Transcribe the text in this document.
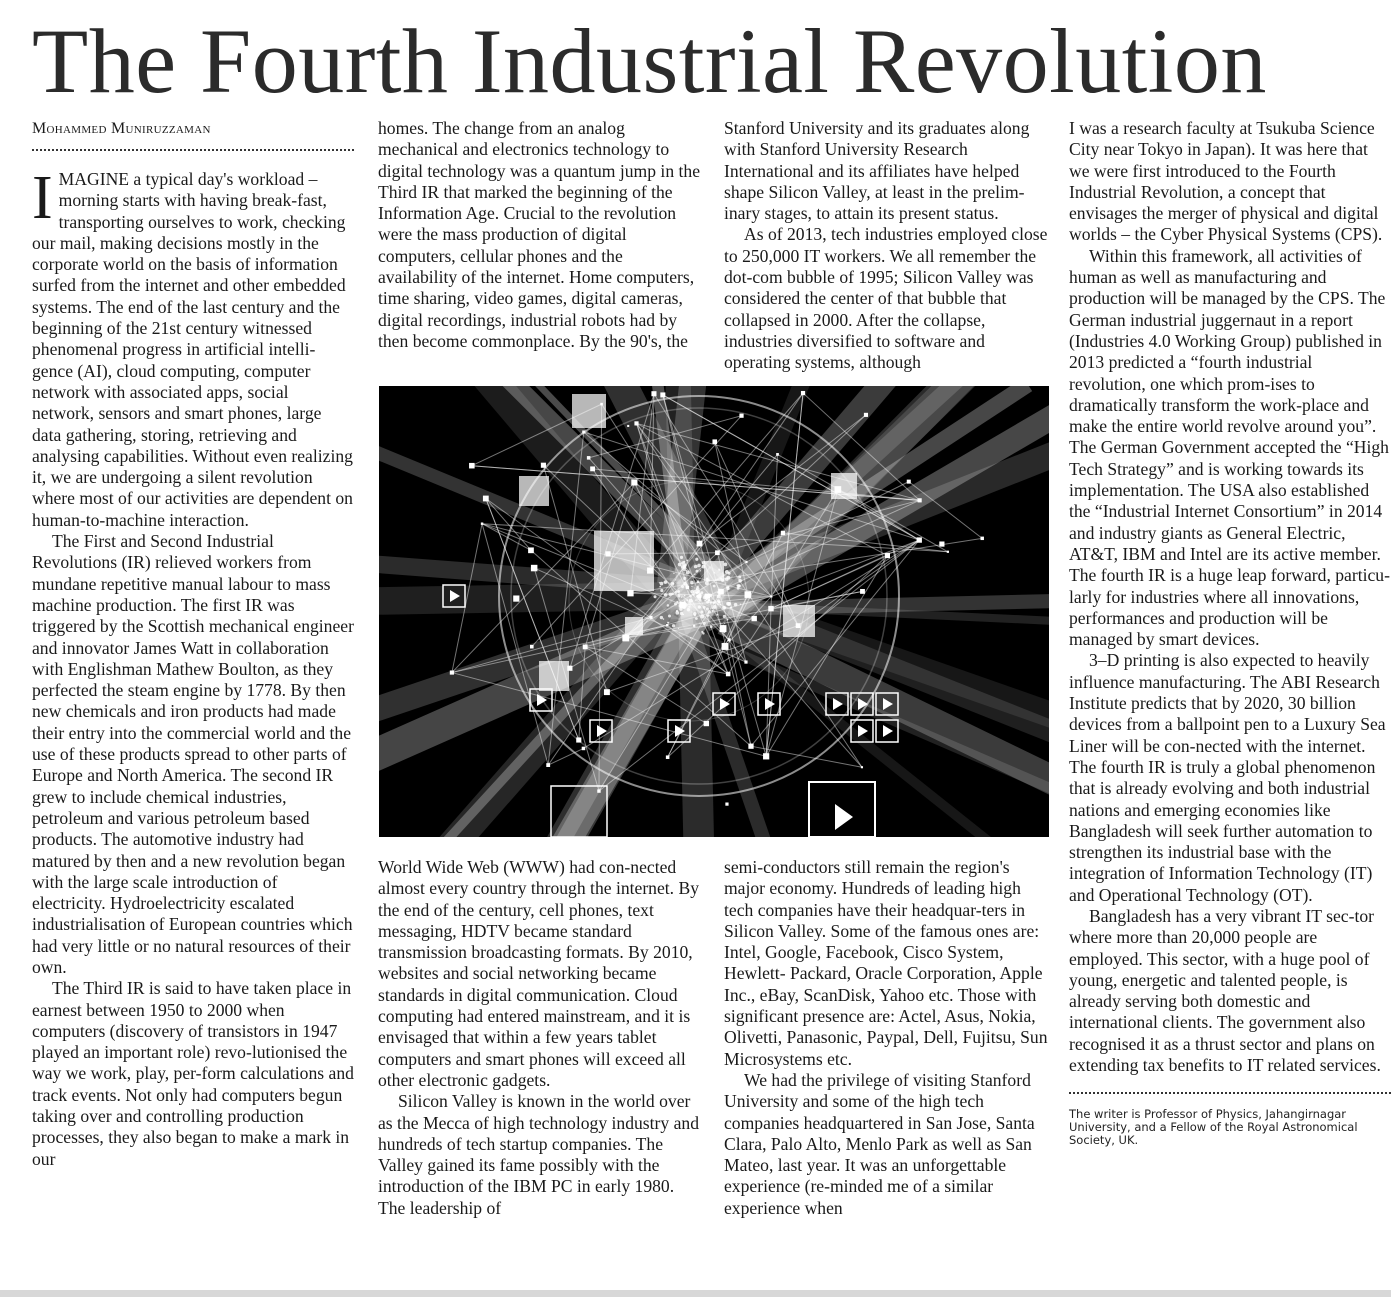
The Fourth Industrial Revolution
Mohammed Muniruzzaman

IMAGINE a typical day's workload – morning starts with having break-fast, transporting ourselves to work, checking our mail, making decisions mostly in the corporate world on the basis of information surfed from the internet and other embedded systems. The end of the last century and the beginning of the 21st century witnessed phenomenal progress in artificial intelli-gence (AI), cloud computing, computer network with associated apps, social network, sensors and smart phones, large data gathering, storing, retrieving and analysing capabilities. Without even realizing it, we are undergoing a silent revolution where most of our activities are dependent on human-to-machine interaction.

The First and Second Industrial Revolutions (IR) relieved workers from mundane repetitive manual labour to mass machine production. The first IR was triggered by the Scottish mechanical engineer and innovator James Watt in collaboration with Englishman Mathew Boulton, as they perfected the steam engine by 1778. By then new chemicals and iron products had made their entry into the commercial world and the use of these products spread to other parts of Europe and North America. The second IR grew to include chemical industries, petroleum and various petroleum based products. The automotive industry had matured by then and a new revolution began with the large scale introduction of electricity. Hydroelectricity escalated industrialisation of European countries which had very little or no natural resources of their own.

The Third IR is said to have taken place in earnest between 1950 to 2000 when computers (discovery of transistors in 1947 played an important role) revo-lutionised the way we work, play, per-form calculations and track events. Not only had computers begun taking over and controlling production processes, they also began to make a mark in our

homes. The change from an analog mechanical and electronics technology to digital technology was a quantum jump in the Third IR that marked the beginning of the Information Age. Crucial to the revolution were the mass production of digital computers, cellular phones and the availability of the internet. Home computers, time sharing, video games, digital cameras, digital recordings, industrial robots had by then become commonplace. By the 90's, the

Stanford University and its graduates along with Stanford University Research International and its affiliates have helped shape Silicon Valley, at least in the prelim-inary stages, to attain its present status.

As of 2013, tech industries employed close to 250,000 IT workers. We all remember the dot-com bubble of 1995; Silicon Valley was considered the center of that bubble that collapsed in 2000. After the collapse, industries diversified to software and operating systems, although

World Wide Web (WWW) had con-nected almost every country through the internet. By the end of the century, cell phones, text messaging, HDTV became standard transmission broadcasting formats. By 2010, websites and social networking became standards in digital communication. Cloud computing had entered mainstream, and it is envisaged that within a few years tablet computers and smart phones will exceed all other electronic gadgets.

Silicon Valley is known in the world over as the Mecca of high technology industry and hundreds of tech startup companies. The Valley gained its fame possibly with the introduction of the IBM PC in early 1980. The leadership of

semi-conductors still remain the region's major economy. Hundreds of leading high tech companies have their headquar-ters in Silicon Valley. Some of the famous ones are: Intel, Google, Facebook, Cisco System, Hewlett- Packard, Oracle Corporation, Apple Inc., eBay, ScanDisk, Yahoo etc. Those with significant presence are: Actel, Asus, Nokia, Olivetti, Panasonic, Paypal, Dell, Fujitsu, Sun Microsystems etc.

We had the privilege of visiting Stanford University and some of the high tech companies headquartered in San Jose, Santa Clara, Palo Alto, Menlo Park as well as San Mateo, last year. It was an unforgettable experience (re-minded me of a similar experience when

I was a research faculty at Tsukuba Science City near Tokyo in Japan). It was here that we were first introduced to the Fourth Industrial Revolution, a concept that envisages the merger of physical and digital worlds – the Cyber Physical Systems (CPS).

Within this framework, all activities of human as well as manufacturing and production will be managed by the CPS. The German industrial juggernaut in a report (Industries 4.0 Working Group) published in 2013 predicted a “fourth industrial revolution, one which prom-ises to dramatically transform the work-place and make the entire world revolve around you”. The German Government accepted the “High Tech Strategy” and is working towards its implementation. The USA also established the “Industrial Internet Consortium” in 2014 and industry giants as General Electric, AT&T, IBM and Intel are its active member. The fourth IR is a huge leap forward, particu-larly for industries where all innovations, performances and production will be managed by smart devices.

3–D printing is also expected to heavily influence manufacturing. The ABI Research Institute predicts that by 2020, 30 billion devices from a ballpoint pen to a Luxury Sea Liner will be con-nected with the internet. The fourth IR is truly a global phenomenon that is already evolving and both industrial nations and emerging economies like Bangladesh will seek further automation to strengthen its industrial base with the integration of Information Technology (IT) and Operational Technology (OT).

Bangladesh has a very vibrant IT sec-tor where more than 20,000 people are employed. This sector, with a huge pool of young, energetic and talented people, is already serving both domestic and international clients. The government also recognised it as a thrust sector and plans on extending tax benefits to IT related services.

The writer is Professor of Physics, Jahangirnagar University, and a Fellow of the Royal Astronomical Society, UK.
